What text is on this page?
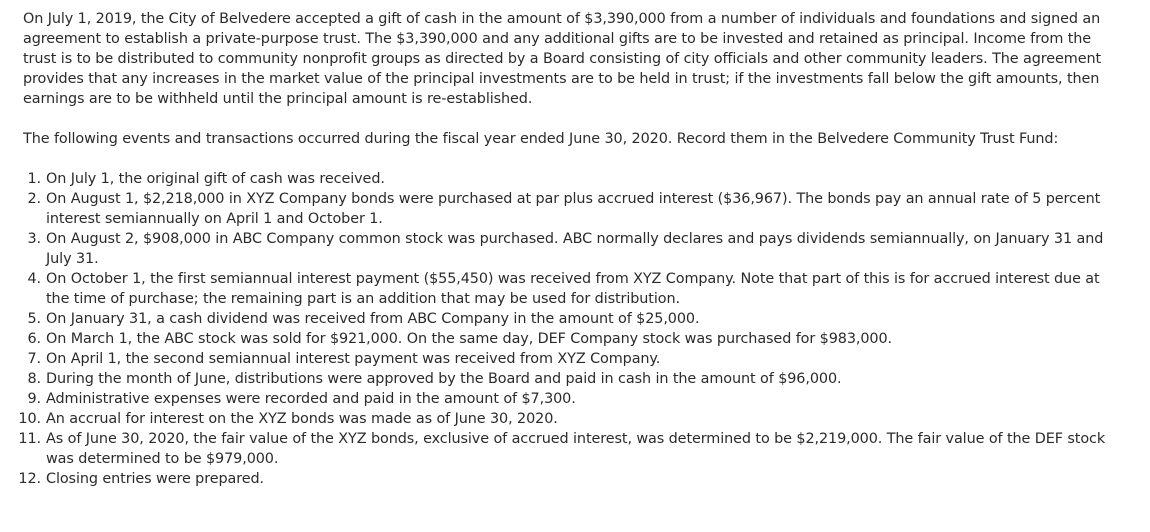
On July 1, 2019, the City of Belvedere accepted a gift of cash in the amount of $3,390,000 from a number of individuals and foundations and signed an agreement to establish a private-purpose trust. The $3,390,000 and any additional gifts are to be invested and retained as principal. Income from the trust is to be distributed to community nonprofit groups as directed by a Board consisting of city officials and other community leaders. The agreement provides that any increases in the market value of the principal investments are to be held in trust; if the investments fall below the gift amounts, then earnings are to be withheld until the principal amount is re-established.

The following events and transactions occurred during the fiscal year ended June 30, 2020. Record them in the Belvedere Community Trust Fund:

1. On July 1, the original gift of cash was received.
2. On August 1, $2,218,000 in XYZ Company bonds were purchased at par plus accrued interest ($36,967). The bonds pay an annual rate of 5 percent interest semiannually on April 1 and October 1.
3. On August 2, $908,000 in ABC Company common stock was purchased. ABC normally declares and pays dividends semiannually, on January 31 and July 31.
4. On October 1, the first semiannual interest payment ($55,450) was received from XYZ Company. Note that part of this is for accrued interest due at the time of purchase; the remaining part is an addition that may be used for distribution.
5. On January 31, a cash dividend was received from ABC Company in the amount of $25,000.
6. On March 1, the ABC stock was sold for $921,000. On the same day, DEF Company stock was purchased for $983,000.
7. On April 1, the second semiannual interest payment was received from XYZ Company.
8. During the month of June, distributions were approved by the Board and paid in cash in the amount of $96,000.
9. Administrative expenses were recorded and paid in the amount of $7,300.
10. An accrual for interest on the XYZ bonds was made as of June 30, 2020.
11. As of June 30, 2020, the fair value of the XYZ bonds, exclusive of accrued interest, was determined to be $2,219,000. The fair value of the DEF stock was determined to be $979,000.
12. Closing entries were prepared.
